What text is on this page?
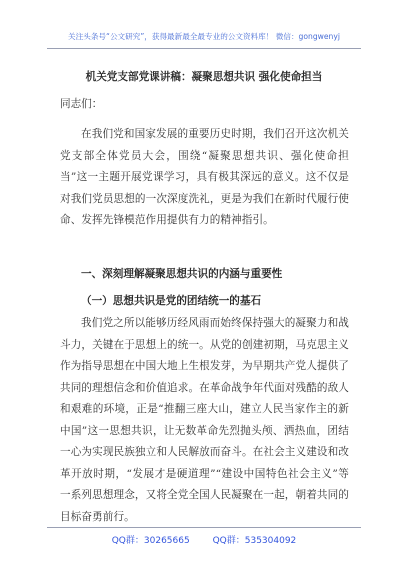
关注头条号“公文研究”，获得最新最全最专业的公文资料库！ 微信：gongwenyj
机关党支部党课讲稿：凝聚思想共识 强化使命担当
同志们：

在我们党和国家发展的重要历史时期，我们召开这次机关党支部全体党员大会，围绕“凝聚思想共识、强化使命担当”这一主题开展党课学习，具有极其深远的意义。这不仅是对我们党员思想的一次深度洗礼，更是为我们在新时代履行使命、发挥先锋模范作用提供有力的精神指引。

一、深刻理解凝聚思想共识的内涵与重要性
（一）思想共识是党的团结统一的基石

我们党之所以能够历经风雨而始终保持强大的凝聚力和战斗力，关键在于思想上的统一。从党的创建初期，马克思主义作为指导思想在中国大地上生根发芽，为早期共产党人提供了共同的理想信念和价值追求。在革命战争年代面对残酷的敌人和艰难的环境，正是“推翻三座大山，建立人民当家作主的新中国”这一思想共识，让无数革命先烈抛头颅、洒热血，团结一心为实现民族独立和人民解放而奋斗。在社会主义建设和改革开放时期，“发展才是硬道理”“建设中国特色社会主义”等一系列思想理念，又将全党全国人民凝聚在一起，朝着共同的目标奋勇前行。

QQ群：30265665	QQ群：535304092
